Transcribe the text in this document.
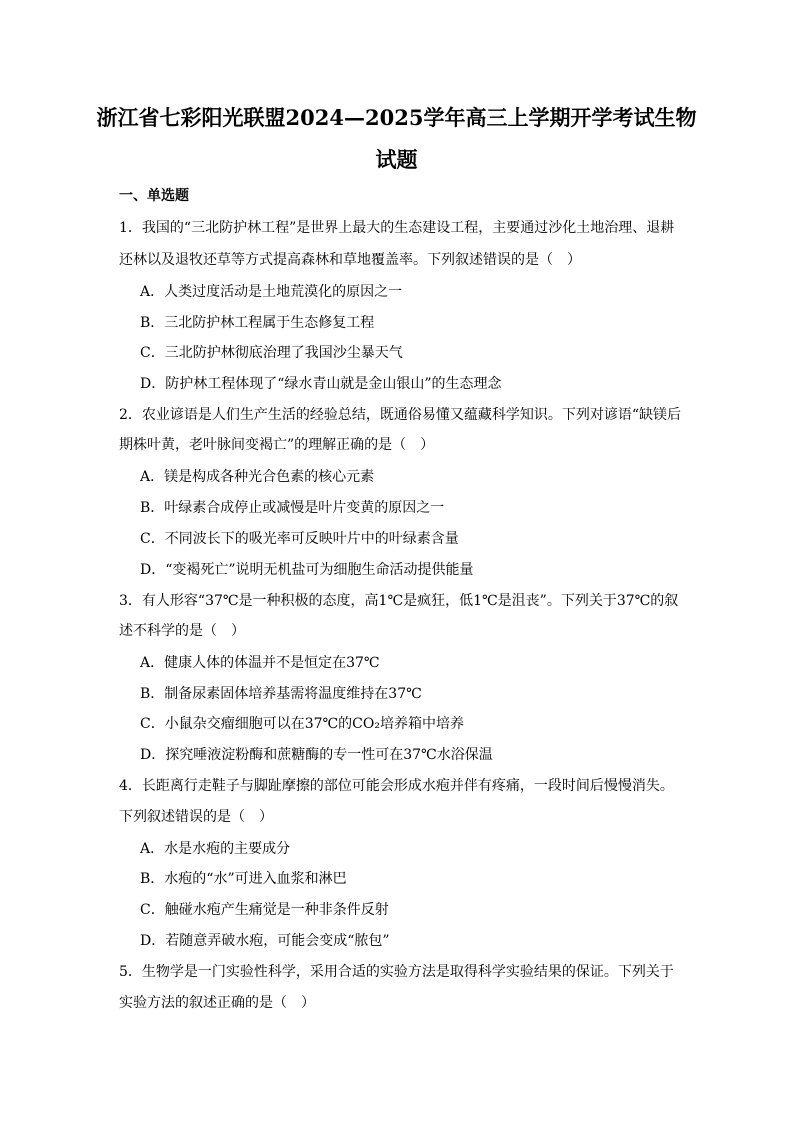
浙江省七彩阳光联盟2024—2025学年高三上学期开学考试生物
试题
一、单选题
1．我国的“三北防护林工程”是世界上最大的生态建设工程，主要通过沙化土地治理、退耕
还林以及退牧还草等方式提高森林和草地覆盖率。下列叙述错误的是（　）
A．人类过度活动是土地荒漠化的原因之一
B．三北防护林工程属于生态修复工程
C．三北防护林彻底治理了我国沙尘暴天气
D．防护林工程体现了“绿水青山就是金山银山”的生态理念
2．农业谚语是人们生产生活的经验总结，既通俗易懂又蕴藏科学知识。下列对谚语“缺镁后
期株叶黄，老叶脉间变褐亡”的理解正确的是（　）
A．镁是构成各种光合色素的核心元素
B．叶绿素合成停止或减慢是叶片变黄的原因之一
C．不同波长下的吸光率可反映叶片中的叶绿素含量
D．“变褐死亡”说明无机盐可为细胞生命活动提供能量
3．有人形容“37℃是一种积极的态度，高1℃是疯狂，低1℃是沮丧”。下列关于37℃的叙
述不科学的是（　）
A．健康人体的体温并不是恒定在37℃
B．制备尿素固体培养基需将温度维持在37℃
C．小鼠杂交瘤细胞可以在37℃的CO₂培养箱中培养
D．探究唾液淀粉酶和蔗糖酶的专一性可在37℃水浴保温
4．长距离行走鞋子与脚趾摩擦的部位可能会形成水疱并伴有疼痛，一段时间后慢慢消失。
下列叙述错误的是（　）
A．水是水疱的主要成分
B．水疱的“水”可进入血浆和淋巴
C．触碰水疱产生痛觉是一种非条件反射
D．若随意弄破水疱，可能会变成“脓包”
5．生物学是一门实验性科学，采用合适的实验方法是取得科学实验结果的保证。下列关于
实验方法的叙述正确的是（　）
